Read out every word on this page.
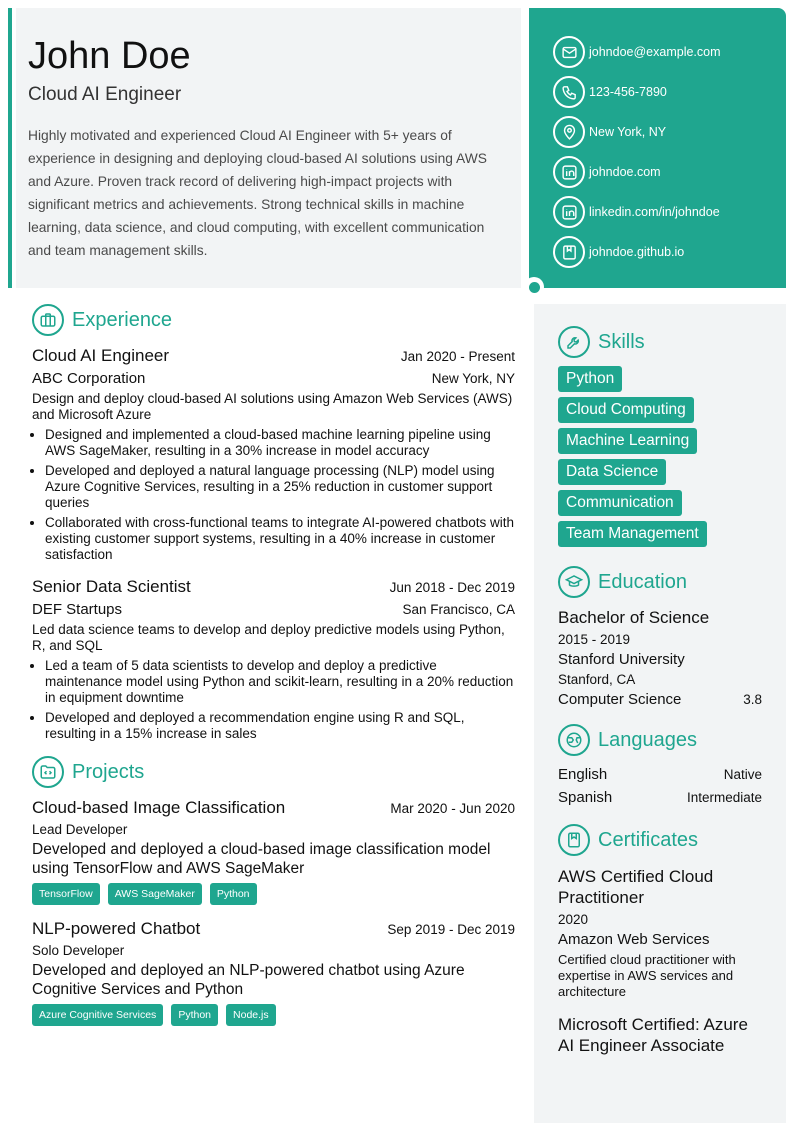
John Doe
Cloud AI Engineer
Highly motivated and experienced Cloud AI Engineer with 5+ years of experience in designing and deploying cloud-based AI solutions using AWS and Azure. Proven track record of delivering high-impact projects with significant metrics and achievements. Strong technical skills in machine learning, data science, and cloud computing, with excellent communication and team management skills.
johndoe@example.com
123-456-7890
New York, NY
johndoe.com
linkedin.com/in/johndoe
johndoe.github.io
Experience
Cloud AI Engineer	Jan 2020 - Present
ABC Corporation	New York, NY
Design and deploy cloud-based AI solutions using Amazon Web Services (AWS) and Microsoft Azure
• Designed and implemented a cloud-based machine learning pipeline using AWS SageMaker, resulting in a 30% increase in model accuracy
• Developed and deployed a natural language processing (NLP) model using Azure Cognitive Services, resulting in a 25% reduction in customer support queries
• Collaborated with cross-functional teams to integrate AI-powered chatbots with existing customer support systems, resulting in a 40% increase in customer satisfaction
Senior Data Scientist	Jun 2018 - Dec 2019
DEF Startups	San Francisco, CA
Led data science teams to develop and deploy predictive models using Python, R, and SQL
• Led a team of 5 data scientists to develop and deploy a predictive maintenance model using Python and scikit-learn, resulting in a 20% reduction in equipment downtime
• Developed and deployed a recommendation engine using R and SQL, resulting in a 15% increase in sales
Projects
Cloud-based Image Classification	Mar 2020 - Jun 2020
Lead Developer
Developed and deployed a cloud-based image classification model using TensorFlow and AWS SageMaker
TensorFlow	AWS SageMaker	Python
NLP-powered Chatbot	Sep 2019 - Dec 2019
Solo Developer
Developed and deployed an NLP-powered chatbot using Azure Cognitive Services and Python
Azure Cognitive Services	Python	Node.js
Skills
Python
Cloud Computing
Machine Learning
Data Science
Communication
Team Management
Education
Bachelor of Science
2015 - 2019
Stanford University
Stanford, CA
Computer Science	3.8
Languages
English	Native
Spanish	Intermediate
Certificates
AWS Certified Cloud Practitioner
2020
Amazon Web Services
Certified cloud practitioner with expertise in AWS services and architecture
Microsoft Certified: Azure AI Engineer Associate
